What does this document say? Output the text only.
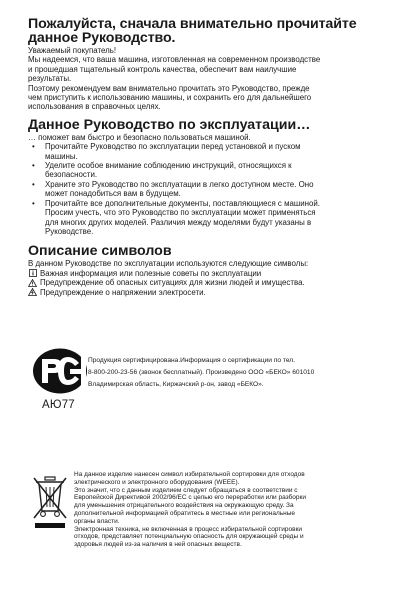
Пожалуйста, сначала внимательно прочитайте
данное Руководство.
Уважаемый покупатель!
Мы надеемся, что ваша машина, изготовленная на современном производстве
и прошедшая тщательный контроль качества, обеспечит вам наилучшие
результаты.
Поэтому рекомендуем вам внимательно прочитать это Руководство, прежде
чем приступить к использованию машины, и сохранить его для дальнейшего
использования в справочных целях.
Данное Руководство по эксплуатации…
… поможет вам быстро и безопасно пользоваться машиной.
• Прочитайте Руководство по эксплуатации перед установкой и пуском
машины.
• Уделите особое внимание соблюдению инструкций, относящихся к
безопасности.
• Храните это Руководство по эксплуатации в легко доступном месте. Оно
может понадобиться вам в будущем.
• Прочитайте все дополнительные документы, поставляющиеся с машиной.
Просим учесть, что это Руководство по эксплуатации может применяться
для многих других моделей. Различия между моделями будут указаны в
Руководстве.
Описание символов
В данном Руководстве по эксплуатации используются следующие символы:
Важная информация или полезные советы по эксплуатации
Предупреждение об опасных ситуациях для жизни людей и имущества.
Предупреждение о напряжении электросети.
АЮ77
Продукция сертифицирована.Информация о сертификации по тел.
8-800-200-23-56 (звонок бесплатный). Произведено ООО «БЕКО» 601010
Владимирская область, Киржачский р-он, завод «БЕКО».
На данное изделие нанесен символ избирательной сортировки для отходов
электрического и электронного оборудования (WEEE).
Это значит, что с данным изделием следует обращаться в соответствии с
Европейской Директивой 2002/96/EC с целью его переработки или разборки
для уменьшения отрицательного воздействия на окружающую среду. За
дополнительной информацией обратитесь в местные или региональные
органы власти.
Электронная техника, не включенная в процесс избирательной сортировки
отходов, представляет потенциальную опасность для окружающей среды и
здоровья людей из-за наличия в ней опасных веществ.
